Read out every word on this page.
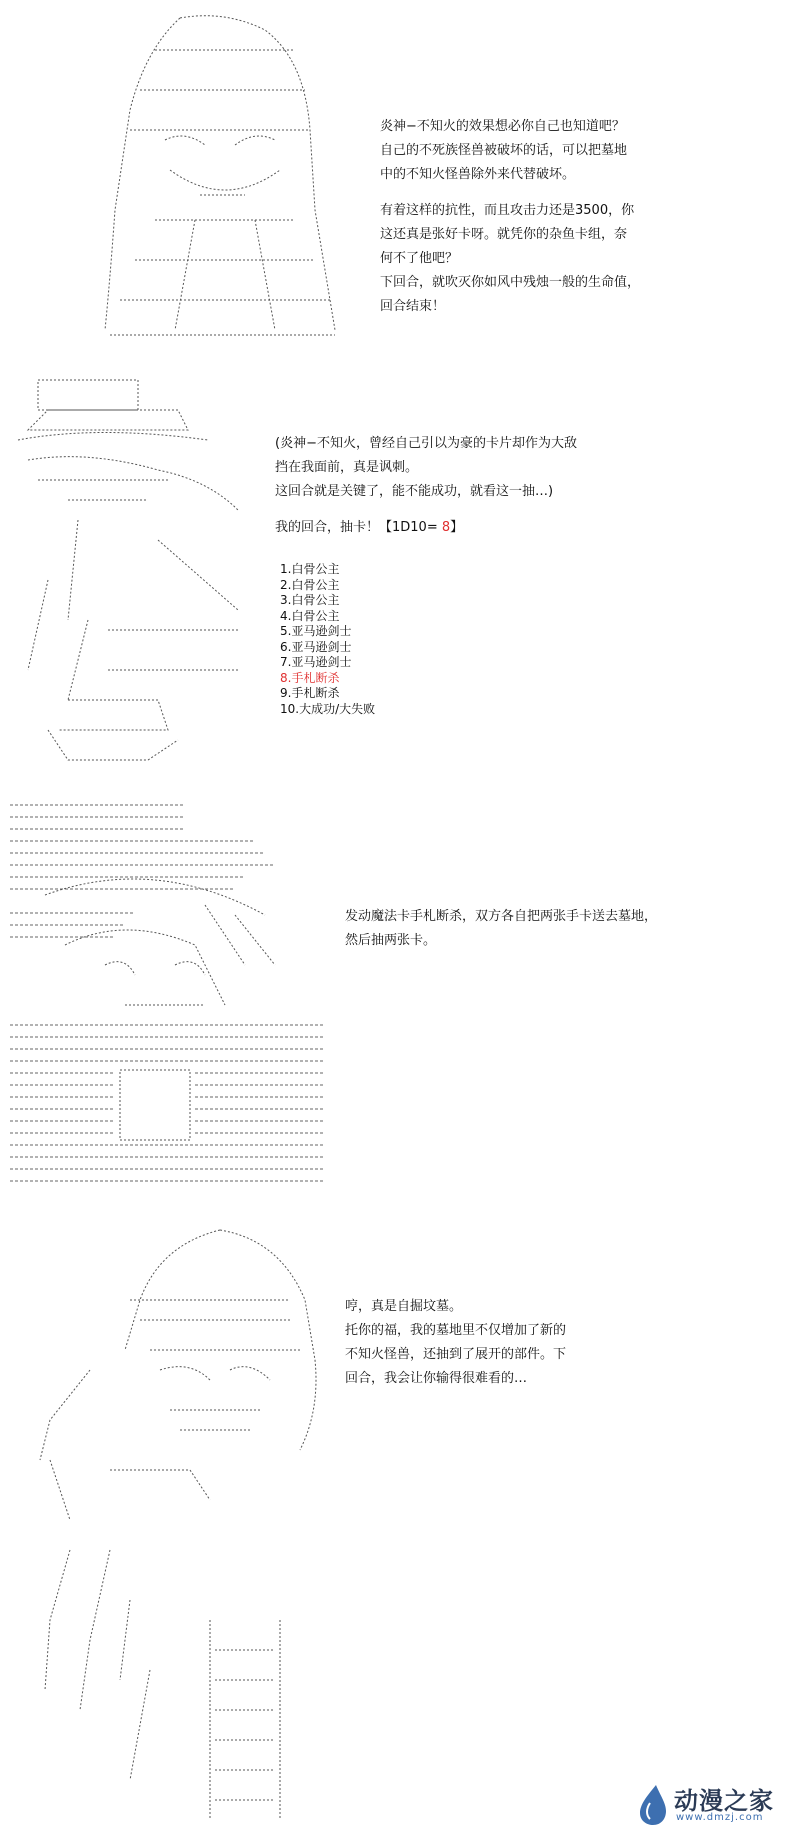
炎神−不知火的效果想必你自己也知道吧？

自己的不死族怪兽被破坏的话，可以把墓地

中的不知火怪兽除外来代替破坏。

有着这样的抗性，而且攻击力还是3500，你

这还真是张好卡呀。就凭你的杂鱼卡组，奈

何不了他吧？

下回合，就吹灭你如风中残烛一般的生命值，

回合结束！

(炎神−不知火，曾经自己引以为豪的卡片却作为大敌

挡在我面前，真是讽刺。

这回合就是关键了，能不能成功，就看这一抽…)

我的回合，抽卡！【1D10= 8】

1.白骨公主
2.白骨公主
3.白骨公主
4.白骨公主
5.亚马逊剑士
6.亚马逊剑士
7.亚马逊剑士
8.手札断杀
9.手札断杀
10.大成功/大失败

发动魔法卡手札断杀，双方各自把两张手卡送去墓地，

然后抽两张卡。

哼，真是自掘坟墓。

托你的福，我的墓地里不仅增加了新的

不知火怪兽，还抽到了展开的部件。下

回合，我会让你输得很难看的…

动漫之家
www.dmzj.com
